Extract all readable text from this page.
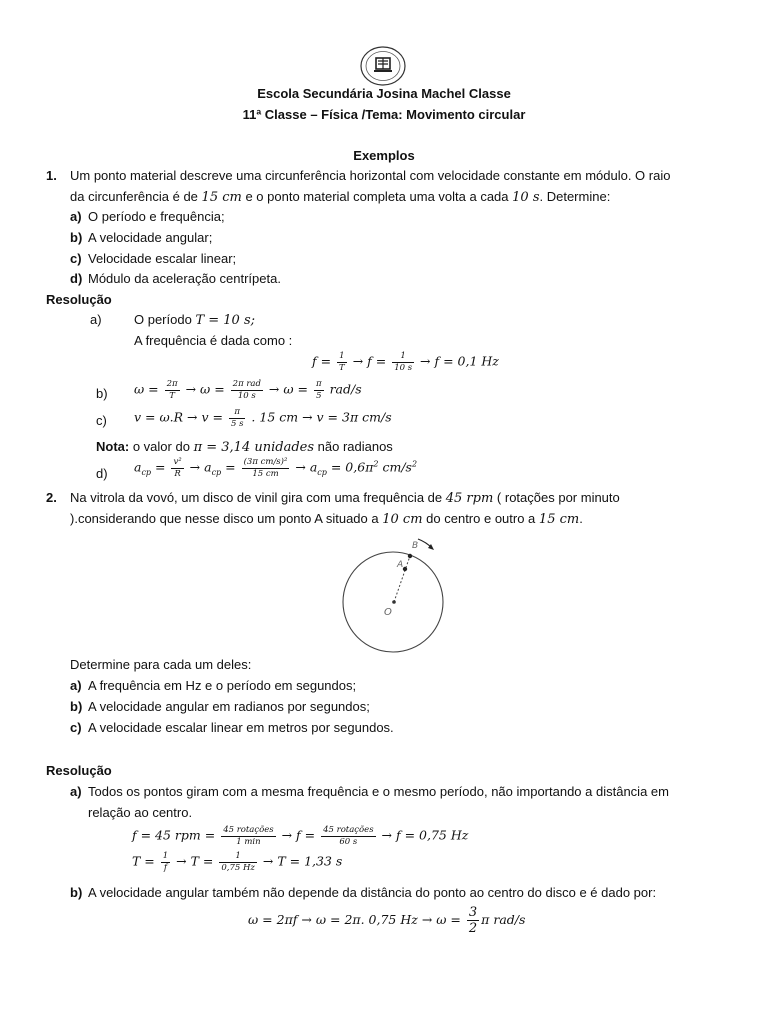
Escola Secundária Josina Machel Classe
11ª Classe – Física /Tema: Movimento circular
Exemplos
1. Um ponto material descreve uma circunferência horizontal com velocidade constante em módulo. O raio
da circunferência é de 15 cm e o ponto material completa uma volta a cada 10 s. Determine:
a) O período e frequência;
b) A velocidade angular;
c) Velocidade escalar linear;
d) Módulo da aceleração centrípeta.
Resolução
a) O período T = 10 s;
A frequência é dada como :
$f = \frac{1}{T} \to f = \frac{1}{10 s} \to f = 0,1$ Hz
b) $\omega = \frac{2\pi}{T} \to \omega = \frac{\text{2π rad}}{10 s} \to \omega = \frac{\pi}{5} rad/s$
c) $v = \omega.R \to v = \frac{\pi}{5 s}$ . 15 cm → v = 3π cm/s
Nota: o valor do π = 3,14 unidades não radianos
d) $a_{cp} = \frac{\text{v²}}{R} \to a_{cp} = \frac{\text{(3π cm/s)²}}{15 cm} \to a_{cp} = 0,6\pi^2$ $cm/s^2$
2. Na vitrola da vovó, um disco de vinil gira com uma frequência de 45 rpm ( rotações por minuto
).considerando que nesse disco um ponto A situado a 10 cm do centro e outro a 15 cm.
B
A
O
Determine para cada um deles:
a) A frequência em Hz e o período em segundos;
b) A velocidade angular em radianos por segundos;
c) A velocidade escalar linear em metros por segundos.
Resolução
a) Todos os pontos giram com a mesma frequência e o mesmo período, não importando a distância em
relação ao centro.
f = 45 rpm = $\frac{\text{45 rotações}}{1 \min} \to f = \frac{\text{45 rotações}}{60 s} \to f = 0,75$ Hz
$T = \frac{1}{f} \to T = \frac{1}{0,75 Hz} \to T = 1,33$ s
b) A velocidade angular também não depende da distância do ponto ao centro do disco e é dado por:
ω = 2πf → ω = 2π. 0,75 $Hz \to \omega = \frac{3}{2}$ π rad/s
